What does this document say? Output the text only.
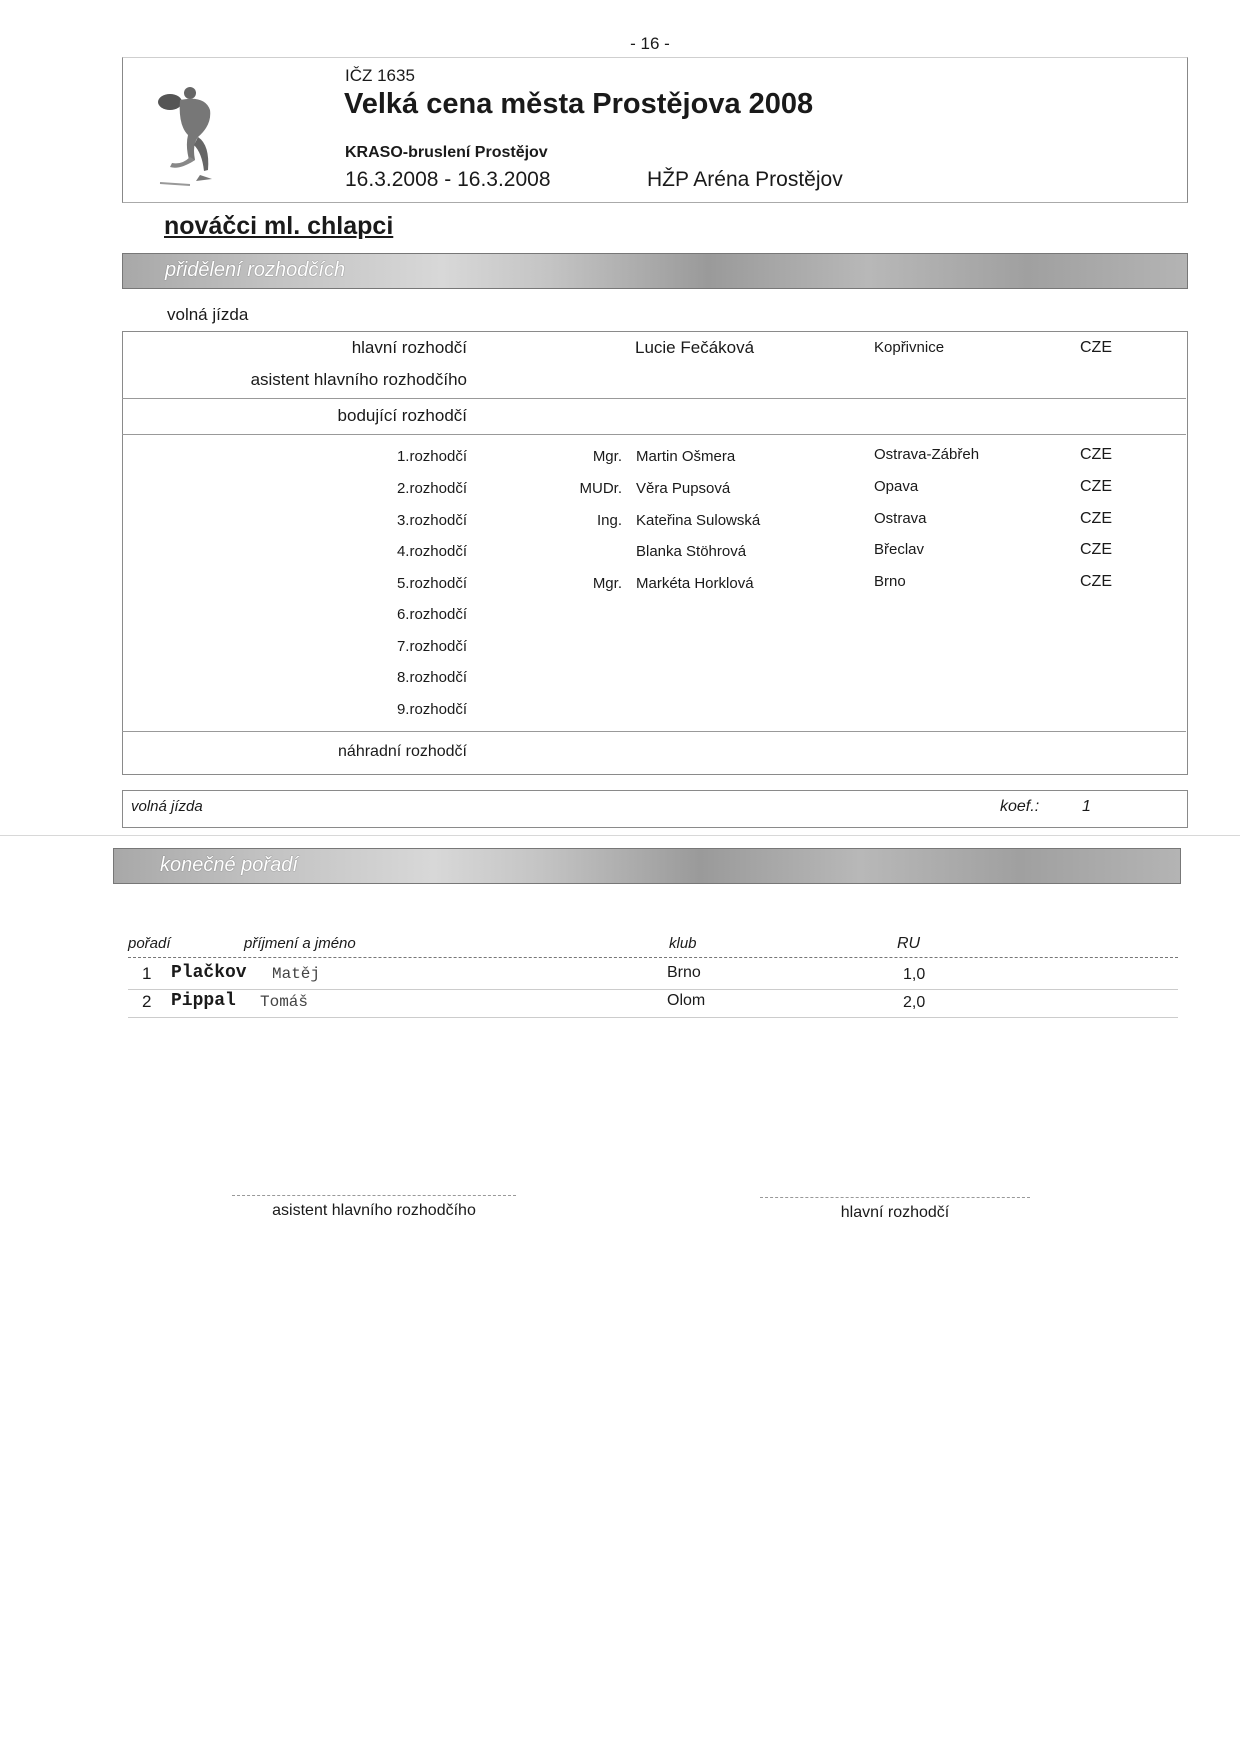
- 16 -
IČZ 1635
Velká cena města Prostějova 2008
KRASO-bruslení Prostějov
16.3.2008 - 16.3.2008	HŽP Aréna Prostějov
nováčci ml. chlapci
přidělení rozhodčích
volná jízda
hlavní rozhodčí	Lucie Fečáková	Kopřivnice	CZE
asistent hlavního rozhodčího
bodující rozhodčí
1.rozhodčí	Mgr. Martin Ošmera	Ostrava-Zábřeh	CZE
2.rozhodčí	MUDr. Věra Pupsová	Opava	CZE
3.rozhodčí	Ing. Kateřina Sulowská	Ostrava	CZE
4.rozhodčí	Blanka Stöhrová	Břeclav	CZE
5.rozhodčí	Mgr. Markéta Horklová	Brno	CZE
6.rozhodčí
7.rozhodčí
8.rozhodčí
9.rozhodčí
náhradní rozhodčí
volná jízda	koef.:	1
konečné pořadí
pořadí	příjmení a jméno	klub	RU
1 Plačkov Matěj	Brno	1,0
2 Pippal Tomáš	Olom	2,0
asistent hlavního rozhodčího	hlavní rozhodčí
